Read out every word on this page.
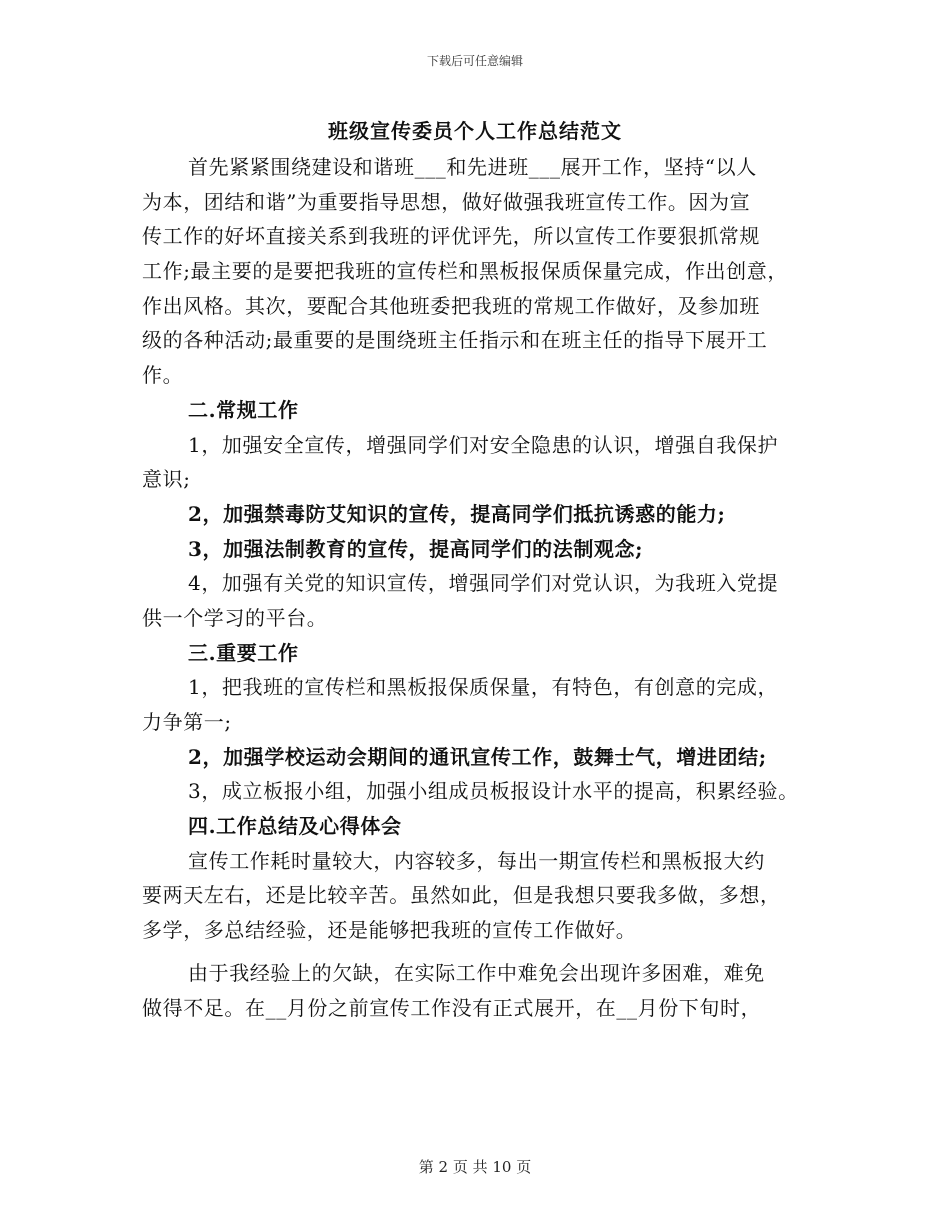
下载后可任意编辑
班级宣传委员个人工作总结范文
首先紧紧围绕建设和谐班___和先进班___展开工作，坚持“以人
为本，团结和谐”为重要指导思想，做好做强我班宣传工作。因为宣
传工作的好坏直接关系到我班的评优评先，所以宣传工作要狠抓常规
工作;最主要的是要把我班的宣传栏和黑板报保质保量完成，作出创意，
作出风格。其次，要配合其他班委把我班的常规工作做好，及参加班
级的各种活动;最重要的是围绕班主任指示和在班主任的指导下展开工
作。
二.常规工作
1，加强安全宣传，增强同学们对安全隐患的认识，增强自我保护
意识;
2，加强禁毒防艾知识的宣传，提高同学们抵抗诱惑的能力;
3，加强法制教育的宣传，提高同学们的法制观念;
4，加强有关党的知识宣传，增强同学们对党认识，为我班入党提
供一个学习的平台。
三.重要工作
1，把我班的宣传栏和黑板报保质保量，有特色，有创意的完成，
力争第一;
2，加强学校运动会期间的通讯宣传工作，鼓舞士气，增进团结;
3，成立板报小组，加强小组成员板报设计水平的提高，积累经验。
四.工作总结及心得体会
宣传工作耗时量较大，内容较多，每出一期宣传栏和黑板报大约
要两天左右，还是比较辛苦。虽然如此，但是我想只要我多做，多想，
多学，多总结经验，还是能够把我班的宣传工作做好。
由于我经验上的欠缺，在实际工作中难免会出现许多困难，难免
做得不足。在__月份之前宣传工作没有正式展开，在__月份下旬时，
第 2 页 共 10 页
